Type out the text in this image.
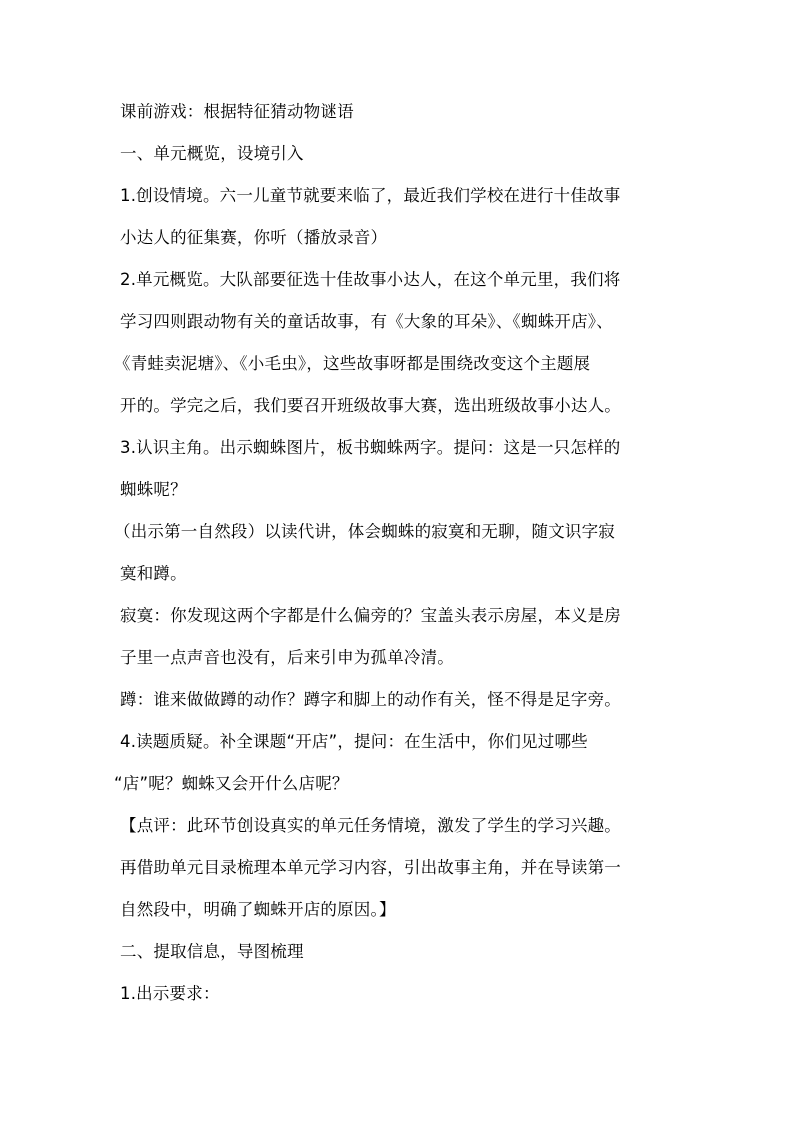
课前游戏：根据特征猜动物谜语

一、单元概览，设境引入

1.创设情境。六一儿童节就要来临了，最近我们学校在进行十佳故事

小达人的征集赛，你听（播放录音）

2.单元概览。大队部要征选十佳故事小达人，在这个单元里，我们将

学习四则跟动物有关的童话故事，有《大象的耳朵》、《蜘蛛开店》、

《青蛙卖泥塘》、《小毛虫》，这些故事呀都是围绕改变这个主题展

开的。学完之后，我们要召开班级故事大赛，选出班级故事小达人。

3.认识主角。出示蜘蛛图片，板书蜘蛛两字。提问：这是一只怎样的

蜘蛛呢？

（出示第一自然段）以读代讲，体会蜘蛛的寂寞和无聊，随文识字寂

寞和蹲。

寂寞：你发现这两个字都是什么偏旁的？宝盖头表示房屋，本义是房

子里一点声音也没有，后来引申为孤单冷清。

蹲：谁来做做蹲的动作？蹲字和脚上的动作有关，怪不得是足字旁。

4.读题质疑。补全课题“开店”，提问：在生活中，你们见过哪些

“店”呢？蜘蛛又会开什么店呢？

【点评：此环节创设真实的单元任务情境，激发了学生的学习兴趣。

再借助单元目录梳理本单元学习内容，引出故事主角，并在导读第一

自然段中，明确了蜘蛛开店的原因。】

二、提取信息，导图梳理

1.出示要求：
